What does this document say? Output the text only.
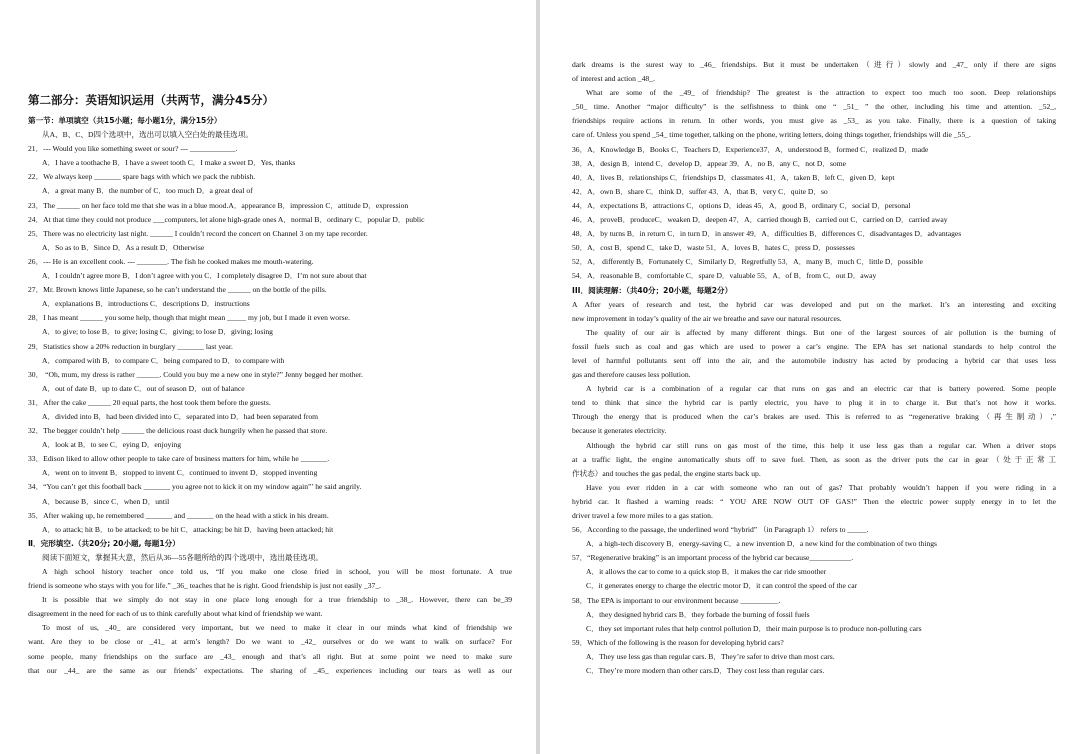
第二部分：英语知识运用（共两节，满分45分）
第一节：单项填空（共15小题；每小题1分，满分15分）
从A、B、C、D四个选项中，选出可以填入空白处的最佳选项。
21．--- Would you like something sweet or sour? --- ____________.
A．I have a toothache B．I have a sweet tooth C．I make a sweet D．Yes, thanks
22．We always keep _______ spare bags with which we pack the rubbish.
A．a great many B．the number of C．too much D．a great deal of
23．The ______ on her face told me that she was in a blue mood.A．appearance B．impression C．attitude D．expression
24．At that time they could not produce ___computers, let alone high-grade ones A．normal B．ordinary C．popular D．public
25．There was no electricity last night. ______ I couldn’t record the concert on Channel 3 on my tape recorder.
A．So as to B．Since D．As a result D．Otherwise
26．--- He is an excellent cook. --- ________. The fish he cooked makes me mouth-watering.
A．I couldn’t agree more B．I don’t agree with you C．I completely disagree D．I’m not sure about that
27．Mr. Brown knows little Japanese, so he can’t understand the ______ on the bottle of the pills.
A．explanations B．introductions C．descriptions D．instructions
28．I has meant ______ you some help, though that might mean _____ my job, but I made it even worse.
A．to give; to lose B．to give; losing C．giving; to lose D．giving; losing
29．Statistics show a 20% reduction in burglary _______ last year.
A．compared with B．to compare C．being compared to D．to compare with
30． “Oh, mum, my dress is rather ______. Could you buy me a new one in style?” Jenny begged her mother.
A．out of date B．up to date C．out of season D．out of balance
31．After the cake ______ 20 equal parts, the host took them before the guests.
A．divided into B．had been divided into C．separated into D．had been separated from
32．The begger couldn’t help ______ the delicious roast duck hungrily when he passed that store.
A．look at B．to see C．eying D．enjoying
33．Edison liked to allow other people to take care of business matters for him, while he _______.
A．went on to invent B．stopped to invent C．continued to invent D．stopped inventing
34．“You can’t get this football back _______ you agree not to kick it on my window again”’ he said angrily.
A．because B．since C．when D．until
35．After waking up, he remembered _______ and _______ on the head with a stick in his dream.
A．to attack; hit B．to be attacked; to be hit C．attacking; be hit D．having been attacked; hit
Ⅱ．完形填空.（共20分; 20小题, 每题1分）
阅读下面短文，掌握其大意，然后从36—55各题所给的四个选项中，选出最佳选项。
A high school history teacher once told us, “If you make one close fried in school, you will be most fortunate. A true
friend is someone who stays with you for life.” _36_ teaches that he is right. Good friendship is just not easily _37_.
It is possible that we simply do not stay in one place long enough for a true friendship to _38_. However, there can be_39
disagreement in the need for each of us to think carefully about what kind of friendship we want.
To most of us, _40_ are considered very important, but we need to make it clear in our minds what kind of friendship we
want. Are they to be close or _41_ at arm’s length? Do we want to _42_ ourselves or do we want to walk on surface? For
some people, many friendships on the surface are _43_ enough and that’s all right. But at some point we need to make sure
that our _44_ are the same as our friends’ expectations. The sharing of _45_ experiences including our tears as well as our
dark dreams is the surest way to _46_ friendships. But it must be undertaken（进行）slowly and _47_ only if there are signs
of interest and action _48_.
What are some of the _49_ of friendship? The greatest is the attraction to expect too much too soon. Deep relationships
_50_ time. Another “major difficulty” is the selfishness to think one “ _51_ ” the other, including his time and attention. _52_,
friendships require actions in return. In other words, you must give as _53_ as you take. Finally, there is a question of taking
care of. Unless you spend _54_ time together, talking on the phone, writing letters, doing things together, friendships will die _55_.
36．A．Knowledge B．Books C．Teachers D．Experience37．A．understood B．formed C．realized D．made
38．A．design B．intend C．develop D．appear 39．A．no B．any C．not D．some
40．A．lives B．relationships C．friendships D．classmates 41．A．taken B．left C．given D．kept
42．A．own B．share C．think D．suffer 43．A．that B．very C．quite D．so
44．A．expectations B．attractions C．options D．ideas 45．A．good B．ordinary C．social D．personal
46．A．proveB．produceC．weaken D．deepen 47．A．carried though B．carried out C．carried on D．carried away
48．A．by turns B．in return C．in turn D．in answer 49．A．difficulties B．differences C．disadvantages D．advantages
50．A．cost B．spend C．take D．waste 51．A．loves B．hates C．press D．possesses
52．A． differently B．Fortunately C．Similarly D．Regretfully 53．A．many B．much C．little D．possible
54．A．reasonable B．comfortable C．spare D．valuable 55．A．of B．from C．out D．away
III．阅读理解：（共40分；20小题，每题2分）
A After years of research and test, the hybrid car was developed and put on the market. It’s an interesting and exciting
new improvement in today’s quality of the air we breathe and save our natural resources.
The quality of our air is affected by many different things. But one of the largest sources of air pollution is the burning of
fossil fuels such as coal and gas which are used to power a car’s engine. The EPA has set national standards to help control the
level of harmful pollutants sent off into the air, and the automobile industry has acted by producing a hybrid car that uses less
gas and therefore causes less pollution.
A hybrid car is a combination of a regular car that runs on gas and an electric car that is battery powered. Some people
tend to think that since the hybrid car is partly electric, you have to plug it in to charge it. But that’s not how it works.
Through the energy that is produced when the car’s brakes are used. This is referred to as “regenerative braking（再生制动）,”
because it generates electricity.
Although the hybrid car still runs on gas most of the time, this help it use less gas than a regular car. When a driver stops
at a traffic light, the engine automatically shuts off to save fuel. Then, as soon as the driver puts the car in gear（处于正常工
作状态）and touches the gas pedal, the engine starts back up.
Have you ever ridden in a car with someone who ran out of gas? That probably wouldn’t happen if you were riding in a
hybrid car. It flashed a warning reads: “ YOU ARE NOW OUT OF GAS!” Then the electric power supply energy in to let the
driver travel a few more miles to a gas station.
56．According to the passage, the underlined word “hybrid” （in Paragraph 1） refers to _____.
A．a high-tech discovery B．energy-saving C．a new invention D．a new kind for the combination of two things
57．“Regenerative braking” is an important process of the hybrid car because___________.
A．it allows the car to come to a quick stop B．it makes the car ride smoother
C．it generates energy to charge the electric motor D．it can control the speed of the car
58．The EPA is important to our environment because __________.
A．they designed hybrid cars B．they forbade the burning of fossil fuels
C．they set important rules that help control pollution D．their main purpose is to produce non-polluting cars
59．Which of the following is the reason for developing hybrid cars?
A．They use less gas than regular cars. B．They’re safer to drive than most cars.
C．They’re more modern than other cars.D．They cost less than regular cars.
